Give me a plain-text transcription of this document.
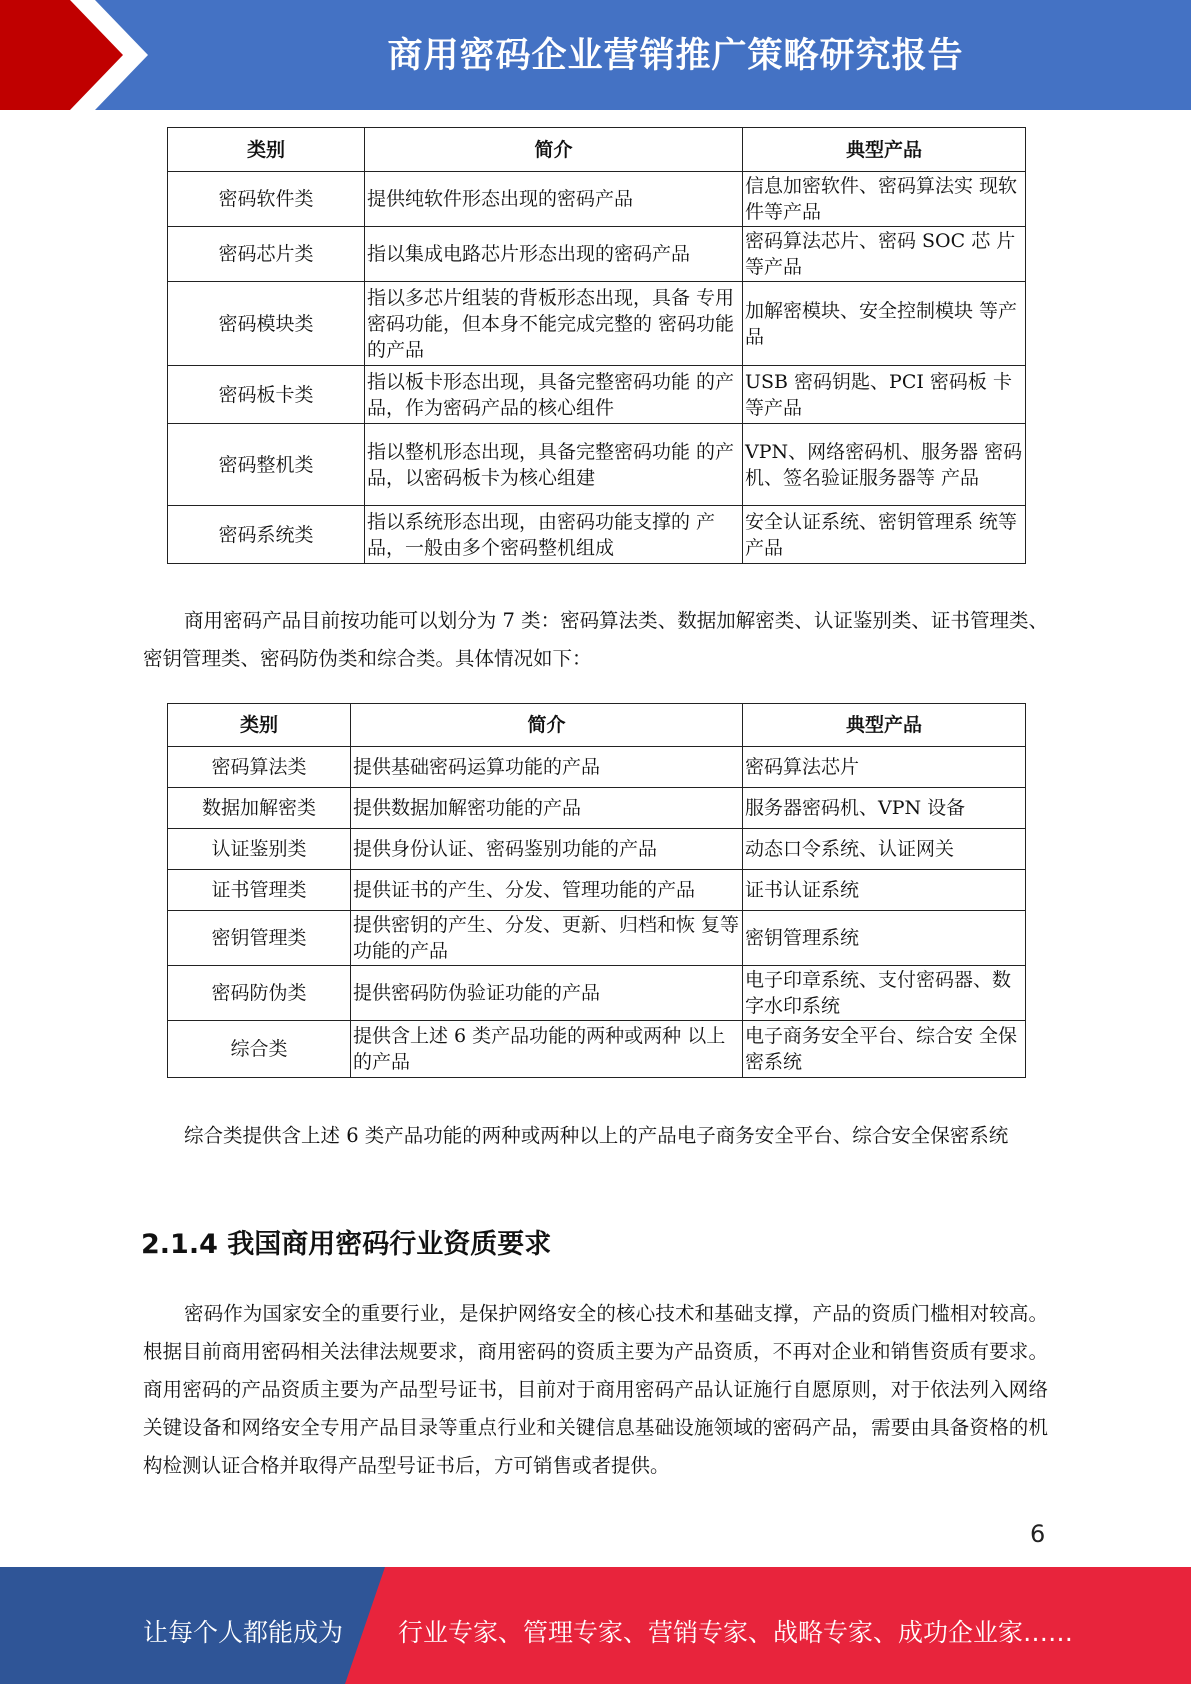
商用密码企业营销推广策略研究报告
类别	简介	典型产品
密码软件类	提供纯软件形态出现的密码产品	信息加密软件、密码算法实 现软件等产品
密码芯片类	指以集成电路芯片形态出现的密码产品	密码算法芯片、密码 SOC 芯 片等产品
密码模块类	指以多芯片组装的背板形态出现，具备 专用密码功能，但本身不能完成完整的 密码功能的产品	加解密模块、安全控制模块 等产品
密码板卡类	指以板卡形态出现，具备完整密码功能 的产品，作为密码产品的核心组件	USB 密码钥匙、PCI 密码板 卡等产品
密码整机类	指以整机形态出现，具备完整密码功能 的产品，以密码板卡为核心组建	VPN、网络密码机、服务器 密码机、签名验证服务器等 产品
密码系统类	指以系统形态出现，由密码功能支撑的 产品，一般由多个密码整机组成	安全认证系统、密钥管理系 统等产品

商用密码产品目前按功能可以划分为 7 类：密码算法类、数据加解密类、认证鉴别类、证书管理类、密钥管理类、密码防伪类和综合类。具体情况如下：

类别	简介	典型产品
密码算法类	提供基础密码运算功能的产品	密码算法芯片
数据加解密类	提供数据加解密功能的产品	服务器密码机、VPN 设备
认证鉴别类	提供身份认证、密码鉴别功能的产品	动态口令系统、认证网关
证书管理类	提供证书的产生、分发、管理功能的产品	证书认证系统
密钥管理类	提供密钥的产生、分发、更新、归档和恢 复等功能的产品	密钥管理系统
密码防伪类	提供密码防伪验证功能的产品	电子印章系统、支付密码器、数字水印系统
综合类	提供含上述 6 类产品功能的两种或两种 以上的产品	电子商务安全平台、综合安 全保密系统

综合类提供含上述 6 类产品功能的两种或两种以上的产品电子商务安全平台、综合安全保密系统

2.1.4 我国商用密码行业资质要求

密码作为国家安全的重要行业，是保护网络安全的核心技术和基础支撑，产品的资质门槛相对较高。根据目前商用密码相关法律法规要求，商用密码的资质主要为产品资质，不再对企业和销售资质有要求。商用密码的产品资质主要为产品型号证书，目前对于商用密码产品认证施行自愿原则，对于依法列入网络关键设备和网络安全专用产品目录等重点行业和关键信息基础设施领域的密码产品，需要由具备资格的机构检测认证合格并取得产品型号证书后，方可销售或者提供。

6
让每个人都能成为 行业专家、管理专家、营销专家、战略专家、成功企业家……
